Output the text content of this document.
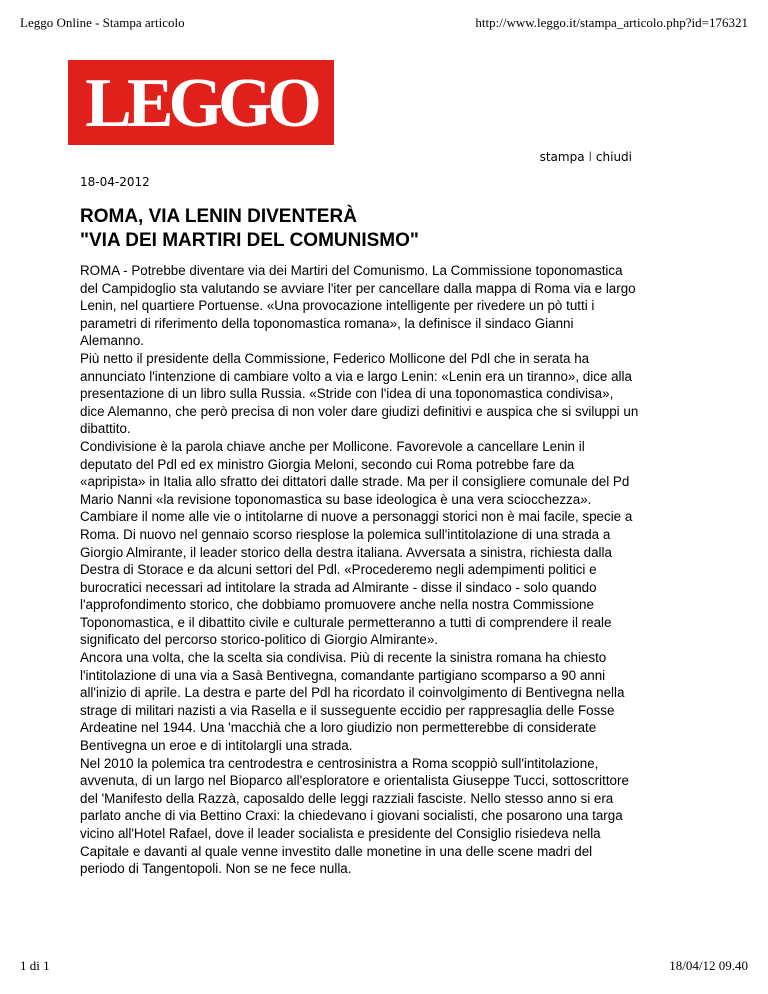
Leggo Online - Stampa articolo	http://www.leggo.it/stampa_articolo.php?id=176321
LEGGO
stampa l chiudi
18-04-2012
ROMA, VIA LENIN DIVENTERÀ
"VIA DEI MARTIRI DEL COMUNISMO"

ROMA - Potrebbe diventare via dei Martiri del Comunismo. La Commissione toponomastica del Campidoglio sta valutando se avviare l'iter per cancellare dalla mappa di Roma via e largo Lenin, nel quartiere Portuense. «Una provocazione intelligente per rivedere un pò tutti i parametri di riferimento della toponomastica romana», la definisce il sindaco Gianni Alemanno.

Più netto il presidente della Commissione, Federico Mollicone del Pdl che in serata ha annunciato l'intenzione di cambiare volto a via e largo Lenin: «Lenin era un tiranno», dice alla presentazione di un libro sulla Russia. «Stride con l'idea di una toponomastica condivisa», dice Alemanno, che però precisa di non voler dare giudizi definitivi e auspica che si sviluppi un dibattito.

Condivisione è la parola chiave anche per Mollicone. Favorevole a cancellare Lenin il deputato del Pdl ed ex ministro Giorgia Meloni, secondo cui Roma potrebbe fare da «apripista» in Italia allo sfratto dei dittatori dalle strade. Ma per il consigliere comunale del Pd Mario Nanni «la revisione toponomastica su base ideologica è una vera sciocchezza». Cambiare il nome alle vie o intitolarne di nuove a personaggi storici non è mai facile, specie a Roma. Di nuovo nel gennaio scorso riesplose la polemica sull'intitolazione di una strada a Giorgio Almirante, il leader storico della destra italiana. Avversata a sinistra, richiesta dalla Destra di Storace e da alcuni settori del Pdl. «Procederemo negli adempimenti politici e burocratici necessari ad intitolare la strada ad Almirante - disse il sindaco - solo quando l'approfondimento storico, che dobbiamo promuovere anche nella nostra Commissione Toponomastica, e il dibattito civile e culturale permetteranno a tutti di comprendere il reale significato del percorso storico-politico di Giorgio Almirante».

Ancora una volta, che la scelta sia condivisa. Più di recente la sinistra romana ha chiesto l'intitolazione di una via a Sasà Bentivegna, comandante partigiano scomparso a 90 anni all'inizio di aprile. La destra e parte del Pdl ha ricordato il coinvolgimento di Bentivegna nella strage di militari nazisti a via Rasella e il susseguente eccidio per rappresaglia delle Fosse Ardeatine nel 1944. Una 'macchià che a loro giudizio non permetterebbe di considerate Bentivegna un eroe e di intitolargli una strada.

Nel 2010 la polemica tra centrodestra e centrosinistra a Roma scoppiò sull'intitolazione, avvenuta, di un largo nel Bioparco all'esploratore e orientalista Giuseppe Tucci, sottoscrittore del 'Manifesto della Razzà, caposaldo delle leggi razziali fasciste. Nello stesso anno si era parlato anche di via Bettino Craxi: la chiedevano i giovani socialisti, che posarono una targa vicino all'Hotel Rafael, dove il leader socialista e presidente del Consiglio risiedeva nella Capitale e davanti al quale venne investito dalle monetine in una delle scene madri del periodo di Tangentopoli. Non se ne fece nulla.

1 di 1	18/04/12 09.40
